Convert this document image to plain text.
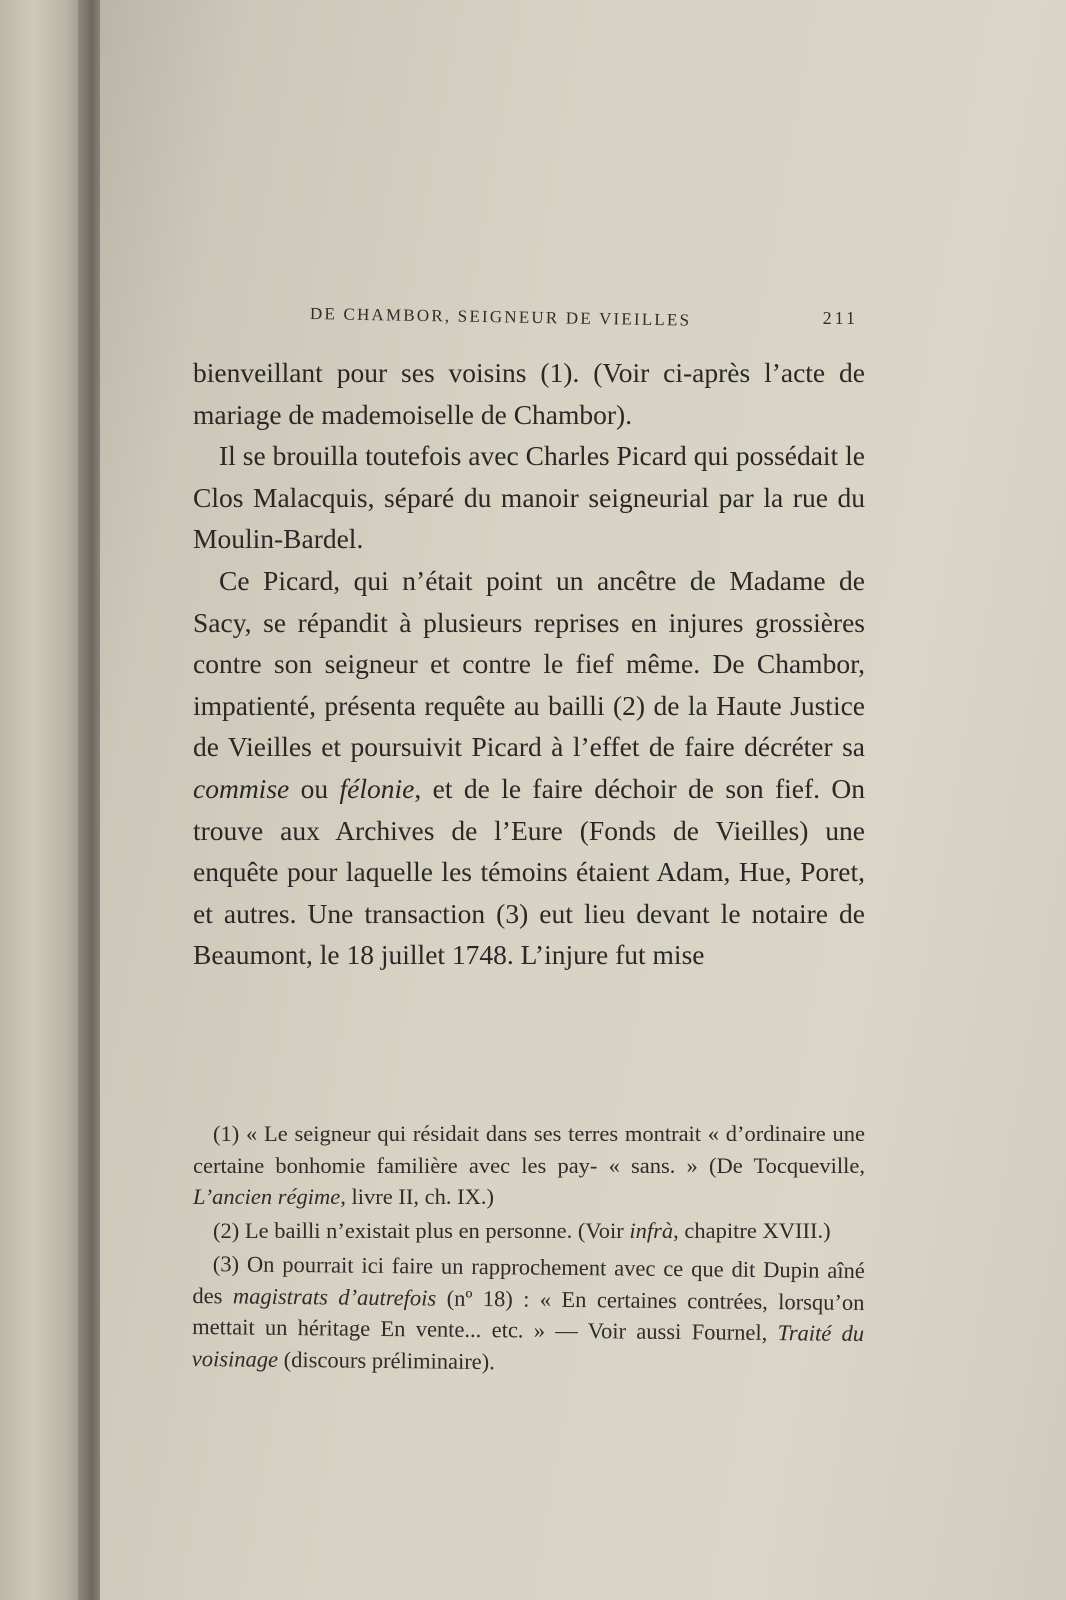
DE CHAMBOR, SEIGNEUR DE VIEILLES	211

bienveillant pour ses voisins (1). (Voir ci-après l’acte de mariage de mademoiselle de Chambor).

Il se brouilla toutefois avec Charles Picard qui possédait le Clos Malacquis, séparé du manoir seigneurial par la rue du Moulin-Bardel.

Ce Picard, qui n’était point un ancêtre de Madame de Sacy, se répandit à plusieurs reprises en injures grossières contre son seigneur et contre le fief même. De Chambor, impatienté, présenta requête au bailli (2) de la Haute Justice de Vieilles et poursuivit Picard à l’effet de faire décréter sa commise ou félonie, et de le faire déchoir de son fief. On trouve aux Archives de l’Eure (Fonds de Vieilles) une enquête pour laquelle les témoins étaient Adam, Hue, Poret, et autres. Une transaction (3) eut lieu devant le notaire de Beaumont, le 18 juillet 1748. L’injure fut mise

(1) « Le seigneur qui résidait dans ses terres montrait « d’ordinaire une certaine bonhomie familière avec les pay- « sans. » (De Tocqueville, L’ancien régime, livre II, ch. IX.)

(2) Le bailli n’existait plus en personne. (Voir infrà, chapitre XVIII.)

(3) On pourrait ici faire un rapprochement avec ce que dit Dupin aîné des magistrats d’autrefois (nº 18) : « En certaines contrées, lorsqu’on mettait un héritage En vente... etc. » — Voir aussi Fournel, Traité du voisinage (discours préliminaire).
